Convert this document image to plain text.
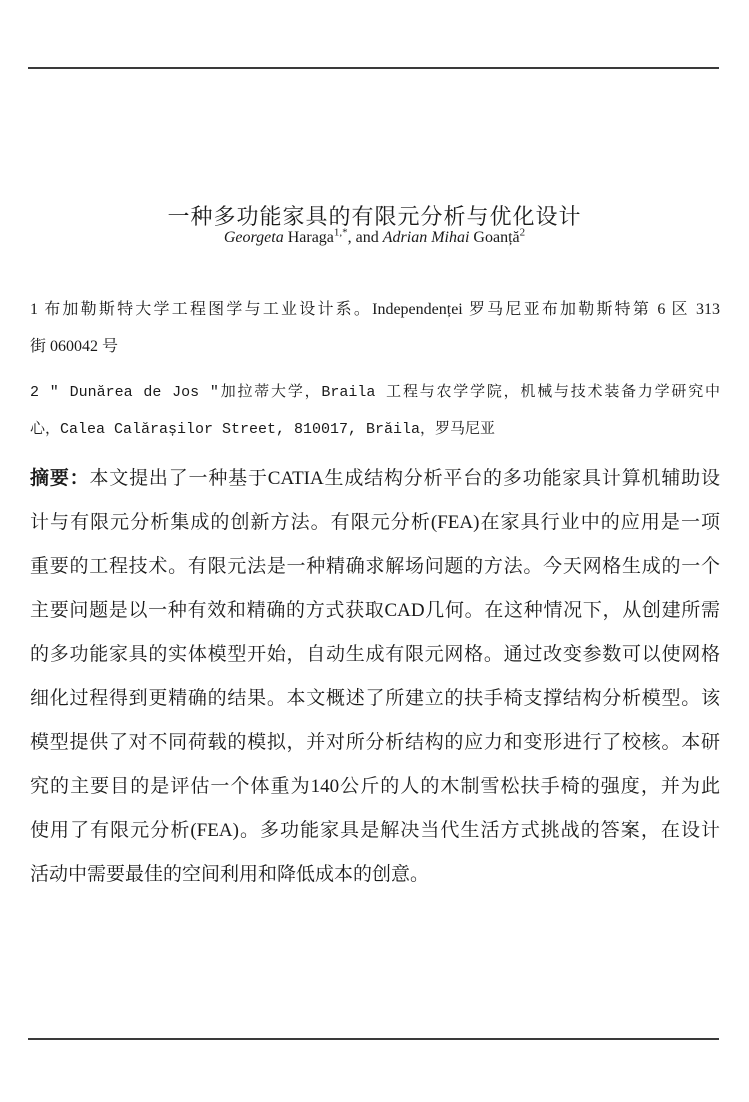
一种多功能家具的有限元分析与优化设计
Georgeta Haraga$^{1,*}$, and Adrian Mihai Goanță$^2$
1 布加勒斯特大学工程图学与工业设计系。Independenței 罗马尼亚布加勒斯特第 6 区 313
街 060042 号
2 ″ Dunărea de Jos ″加拉蒂大学，Braila 工程与农学学院，机械与技术装备力学研究中
心，Calea Calărașilor Street, 810017, Brăila，罗马尼亚
摘要：本文提出了一种基于CATIA生成结构分析平台的多功能家具计算机辅助设
计与有限元分析集成的创新方法。有限元分析(FEA)在家具行业中的应用是一项
重要的工程技术。有限元法是一种精确求解场问题的方法。今天网格生成的一个
主要问题是以一种有效和精确的方式获取CAD几何。在这种情况下，从创建所需
的多功能家具的实体模型开始，自动生成有限元网格。通过改变参数可以使网格
细化过程得到更精确的结果。本文概述了所建立的扶手椅支撑结构分析模型。该
模型提供了对不同荷载的模拟，并对所分析结构的应力和变形进行了校核。本研
究的主要目的是评估一个体重为140公斤的人的木制雪松扶手椅的强度，并为此
使用了有限元分析(FEA)。多功能家具是解决当代生活方式挑战的答案，在设计
活动中需要最佳的空间利用和降低成本的创意。
